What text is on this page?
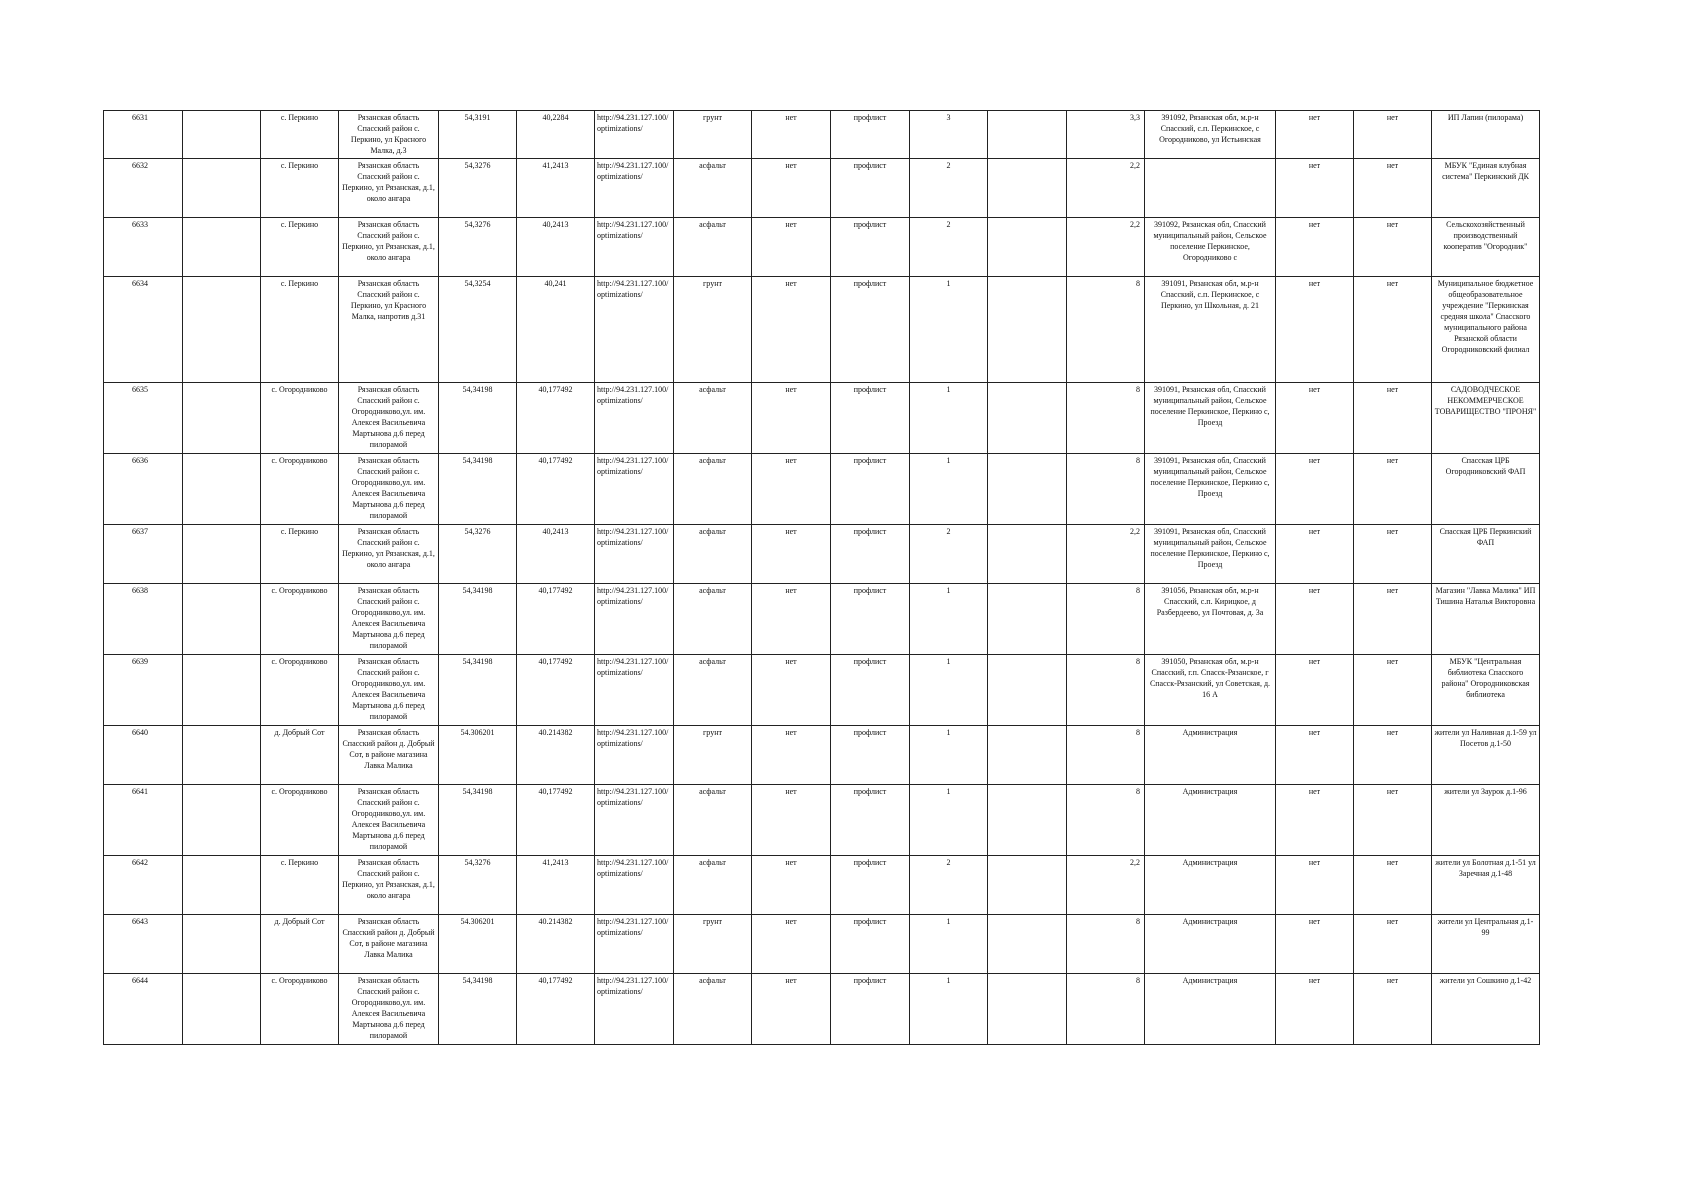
6631		с. Перкино	Рязанская область Спасский район с. Перкино, ул Красного Малка, д.3	54,3191	40,2284	http://94.231.127.100/optimizations/	грунт	нет	профлист	3		3,3	391092, Рязанская обл, м.р-н Спасский, с.п. Перкинское, с Огородниково, ул Истьинская	нет	нет	ИП Лапин (пилорама)
6632		с. Перкино	Рязанская область Спасский район с. Перкино, ул Рязанская, д.1, около ангара	54,3276	41,2413	http://94.231.127.100/optimizations/	асфальт	нет	профлист	2		2,2		нет	нет	МБУК "Единая клубная система" Перкинский ДК
6633		с. Перкино	Рязанская область Спасский район с. Перкино, ул Рязанская, д.1, около ангара	54,3276	40,2413	http://94.231.127.100/optimizations/	асфальт	нет	профлист	2		2,2	391092, Рязанская обл, Спасский муниципальный район, Сельское поселение Перкинское, Огородниково с	нет	нет	Сельскохозяйственный производственный кооператив "Огородник"
6634		с. Перкино	Рязанская область Спасский район с. Перкино, ул Красного Малка, напротив д.31	54,3254	40,241	http://94.231.127.100/optimizations/	грунт	нет	профлист	1		8	391091, Рязанская обл, м.р-н Спасский, с.п. Перкинское, с Перкино, ул Школьная, д. 21	нет	нет	Муниципальное бюджетное общеобразовательное учреждение "Перкинская средняя школа" Спасского муниципального района Рязанской области Огородниковский филиал
6635		с. Огородниково	Рязанская область Спасский район с. Огородниково,ул. им. Алексея Васильевича Мартынова д.6 перед пилорамой	54,34198	40,177492	http://94.231.127.100/optimizations/	асфальт	нет	профлист	1		8	391091, Рязанская обл, Спасский муниципальный район, Сельское поселение Перкинское, Перкино с, Проезд	нет	нет	САДОВОДЧЕСКОЕ НЕКОММЕРЧЕСКОЕ ТОВАРИЩЕСТВО "ПРОНЯ"
6636		с. Огородниково	Рязанская область Спасский район с. Огородниково,ул. им. Алексея Васильевича Мартынова д.6 перед пилорамой	54,34198	40,177492	http://94.231.127.100/optimizations/	асфальт	нет	профлист	1		8	391091, Рязанская обл, Спасский муниципальный район, Сельское поселение Перкинское, Перкино с, Проезд	нет	нет	Спасская ЦРБ Огородниковский ФАП
6637		с. Перкино	Рязанская область Спасский район с. Перкино, ул Рязанская, д.1, около ангара	54,3276	40,2413	http://94.231.127.100/optimizations/	асфальт	нет	профлист	2		2,2	391091, Рязанская обл, Спасский муниципальный район, Сельское поселение Перкинское, Перкино с, Проезд	нет	нет	Спасская ЦРБ Перкинский ФАП
6638		с. Огородниково	Рязанская область Спасский район с. Огородниково,ул. им. Алексея Васильевича Мартынова д.6 перед пилорамой	54,34198	40,177492	http://94.231.127.100/optimizations/	асфальт	нет	профлист	1		8	391056, Рязанская обл, м.р-н Спасский, с.п. Кирицкое, д Разбердеево, ул Почтовая, д. 3а	нет	нет	Магазин "Лавка Малика" ИП Тишина Наталья Викторовна
6639		с. Огородниково	Рязанская область Спасский район с. Огородниково,ул. им. Алексея Васильевича Мартынова д.6 перед пилорамой	54,34198	40,177492	http://94.231.127.100/optimizations/	асфальт	нет	профлист	1		8	391050, Рязанская обл, м.р-н Спасский, г.п. Спасск-Рязанское, г Спасск-Рязанский, ул Советская, д. 16 А	нет	нет	МБУК "Центральная библиотека Спасского района" Огородниковская библиотека
6640		д. Добрый Сот	Рязанская область Спасский район д. Добрый Сот, в районе магазина Лавка Малика	54.306201	40.214382	http://94.231.127.100/optimizations/	грунт	нет	профлист	1		8	Администрация	нет	нет	жители ул Наливная д.1-59 ул Посетов д.1-50
6641		с. Огородниково	Рязанская область Спасский район с. Огородниково,ул. им. Алексея Васильевича Мартынова д.6 перед пилорамой	54,34198	40,177492	http://94.231.127.100/optimizations/	асфальт	нет	профлист	1		8	Администрация	нет	нет	жители ул Заурок д.1-96
6642		с. Перкино	Рязанская область Спасский район с. Перкино, ул Рязанская, д.1, около ангара	54,3276	41,2413	http://94.231.127.100/optimizations/	асфальт	нет	профлист	2		2,2	Администрация	нет	нет	жители ул Болотная д.1-51 ул Заречная д.1-48
6643		д. Добрый Сот	Рязанская область Спасский район д. Добрый Сот, в районе магазина Лавка Малика	54.306201	40.214382	http://94.231.127.100/optimizations/	грунт	нет	профлист	1		8	Администрация	нет	нет	жители ул Центральная д.1-99
6644		с. Огородниково	Рязанская область Спасский район с. Огородниково,ул. им. Алексея Васильевича Мартынова д.6 перед пилорамой	54,34198	40,177492	http://94.231.127.100/optimizations/	асфальт	нет	профлист	1		8	Администрация	нет	нет	жители ул Сошкино д.1-42
